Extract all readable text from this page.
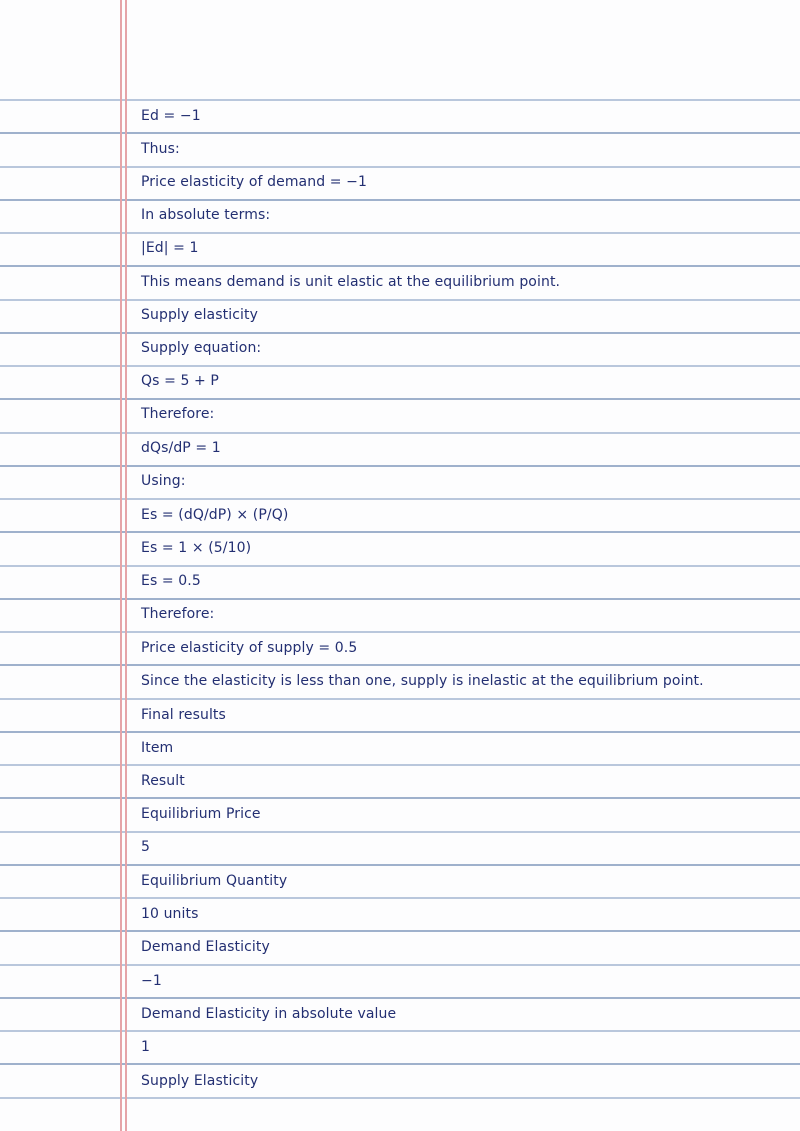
Ed = −1
Thus:
Price elasticity of demand = −1
In absolute terms:
|Ed| = 1
This means demand is unit elastic at the equilibrium point.
Supply elasticity
Supply equation:
Qs = 5 + P
Therefore:
dQs/dP = 1
Using:
Es = (dQ/dP) × (P/Q)
Es = 1 × (5/10)
Es = 0.5
Therefore:
Price elasticity of supply = 0.5
Since the elasticity is less than one, supply is inelastic at the equilibrium point.
Final results
Item
Result
Equilibrium Price
5
Equilibrium Quantity
10 units
Demand Elasticity
−1
Demand Elasticity in absolute value
1
Supply Elasticity
